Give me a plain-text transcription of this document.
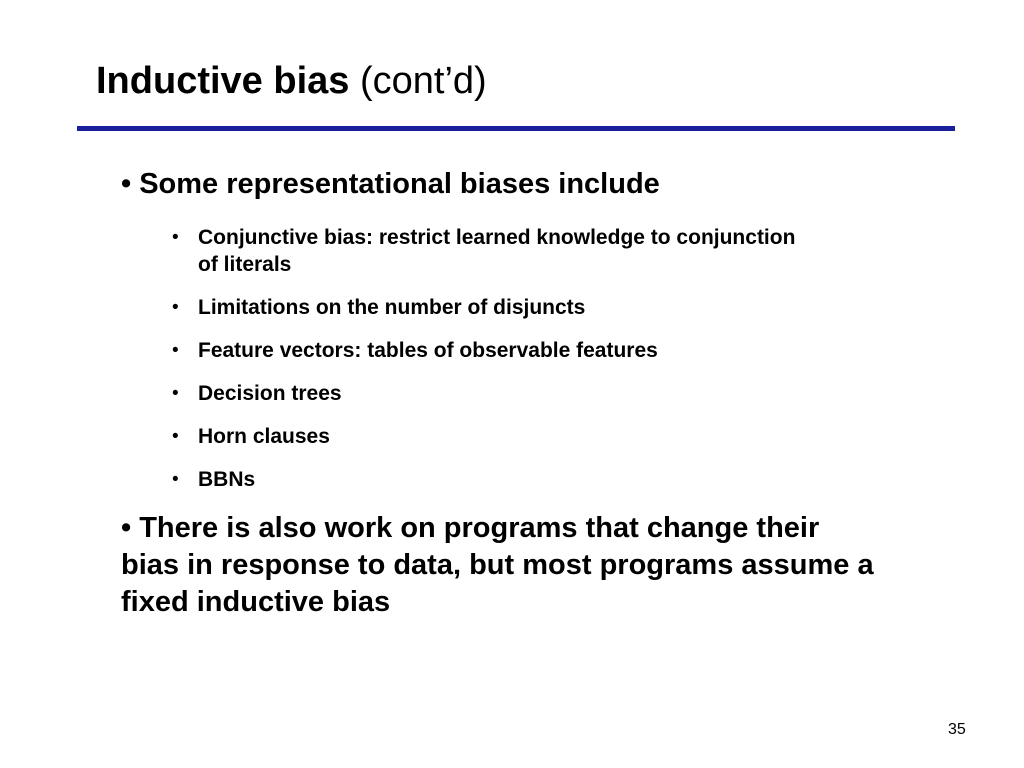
Inductive bias (cont’d)
• Some representational biases include
• Conjunctive bias: restrict learned knowledge to conjunction of literals
• Limitations on the number of disjuncts
• Feature vectors: tables of observable features
• Decision trees
• Horn clauses
• BBNs
• There is also work on programs that change their bias in response to data, but most programs assume a fixed inductive bias
35
